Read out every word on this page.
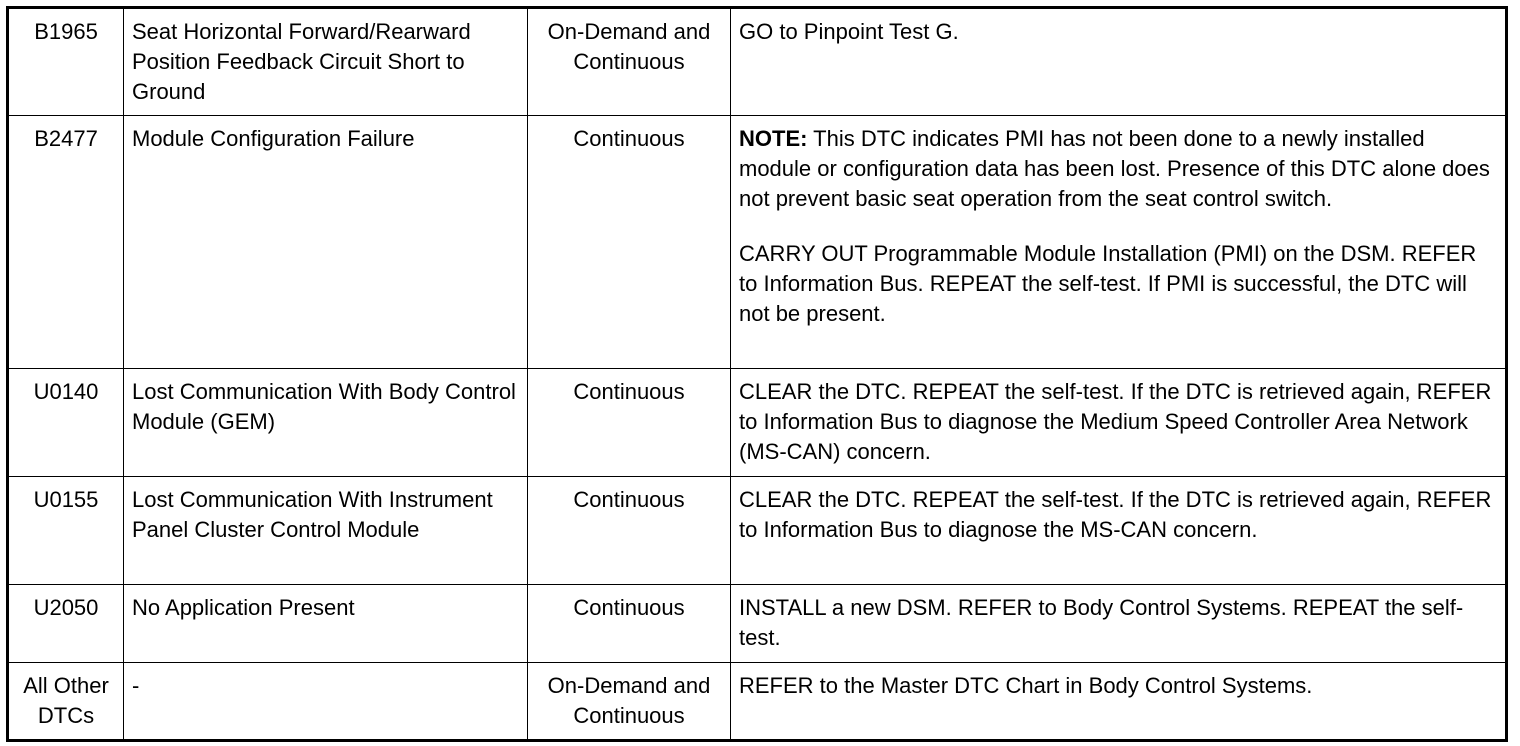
B1965	Seat Horizontal Forward/Rearward Position Feedback Circuit Short to Ground	On-Demand and Continuous	GO to Pinpoint Test G.
B2477	Module Configuration Failure	Continuous	NOTE: This DTC indicates PMI has not been done to a newly installed module or configuration data has been lost. Presence of this DTC alone does not prevent basic seat operation from the seat control switch.
CARRY OUT Programmable Module Installation (PMI) on the DSM. REFER to Information Bus. REPEAT the self-test. If PMI is successful, the DTC will not be present.

U0140	Lost Communication With Body Control Module (GEM)	Continuous	CLEAR the DTC. REPEAT the self-test. If the DTC is retrieved again, REFER to Information Bus to diagnose the Medium Speed Controller Area Network (MS-CAN) concern.
U0155	Lost Communication With Instrument Panel Cluster Control Module	Continuous	CLEAR the DTC. REPEAT the self-test. If the DTC is retrieved again, REFER to Information Bus to diagnose the MS-CAN concern.
U2050	No Application Present	Continuous	INSTALL a new DSM. REFER to Body Control Systems. REPEAT the self-test.
All Other DTCs	-	On-Demand and Continuous	REFER to the Master DTC Chart in Body Control Systems.
